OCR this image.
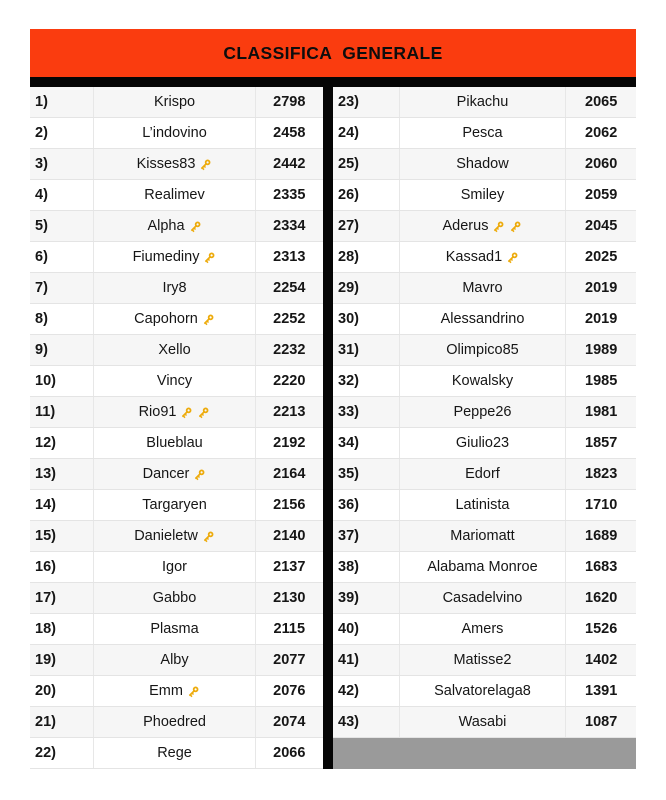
CLASSIFICA  GENERALE
1)	Krispo	2798
2)	L’indovino	2458
3)	Kisses83	2442
4)	Realimev	2335
5)	Alpha	2334
6)	Fiumediny	2313
7)	Iry8	2254
8)	Capohorn	2252
9)	Xello	2232
10)	Vincy	2220
11)	Rio91	2213
12)	Blueblau	2192
13)	Dancer	2164
14)	Targaryen	2156
15)	Danieletw	2140
16)	Igor	2137
17)	Gabbo	2130
18)	Plasma	2115
19)	Alby	2077
20)	Emm	2076
21)	Phoedred	2074
22)	Rege	2066
23)	Pikachu	2065
24)	Pesca	2062
25)	Shadow	2060
26)	Smiley	2059
27)	Aderus	2045
28)	Kassad1	2025
29)	Mavro	2019
30)	Alessandrino	2019
31)	Olimpico85	1989
32)	Kowalsky	1985
33)	Peppe26	1981
34)	Giulio23	1857
35)	Edorf	1823
36)	Latinista	1710
37)	Mariomatt	1689
38)	Alabama Monroe	1683
39)	Casadelvino	1620
40)	Amers	1526
41)	Matisse2	1402
42)	Salvatorelaga8	1391
43)	Wasabi	1087
